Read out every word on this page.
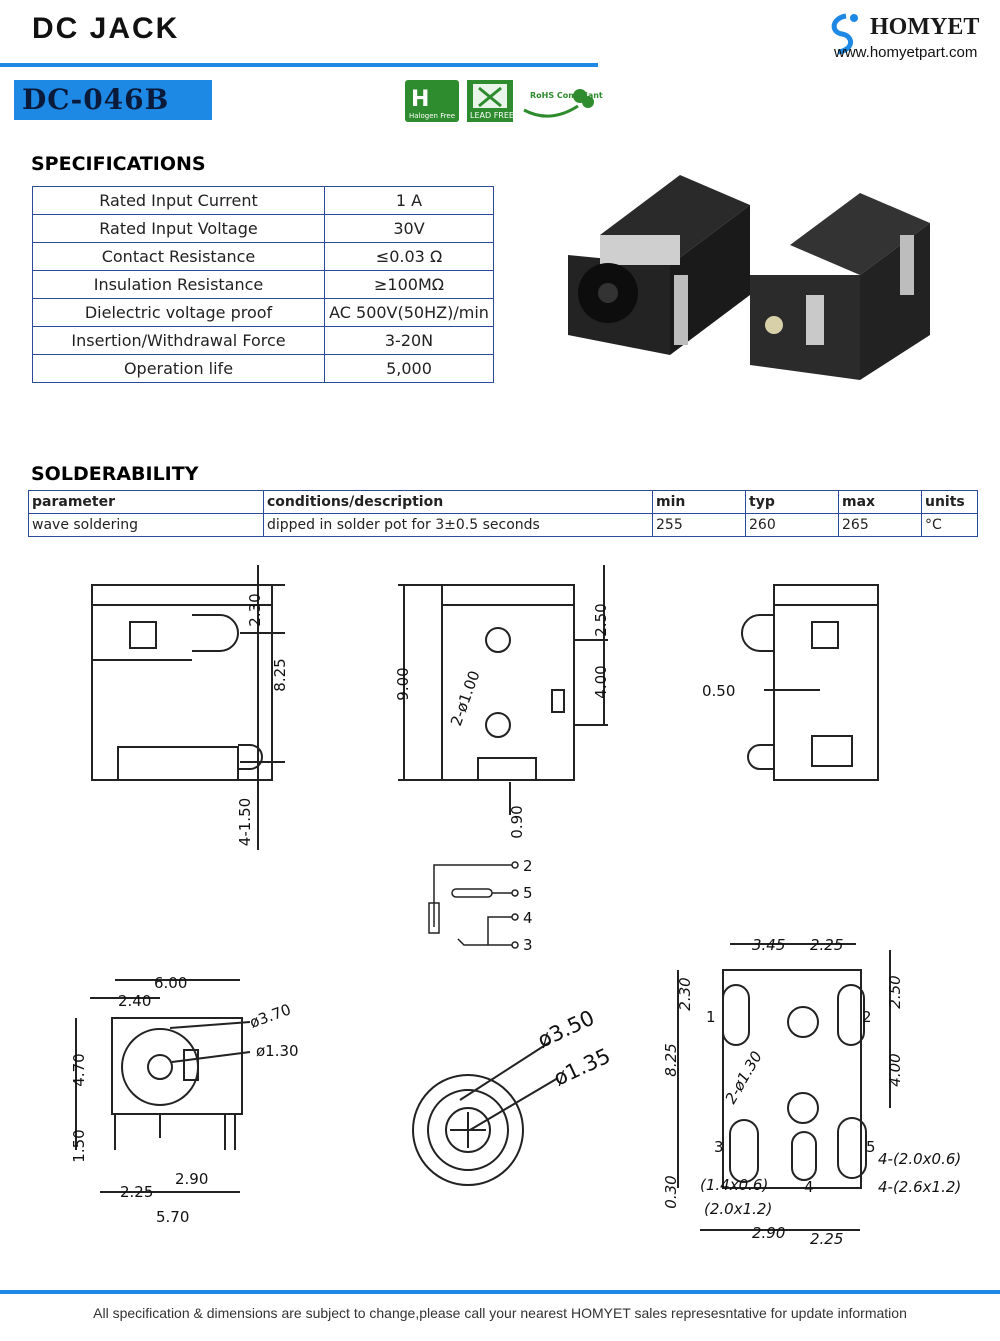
DC JACK	HOMYET
www.homyetpart.com
DC-046B	H
Halogen Free LEAD FREE
RoHS Compliant
SPECIFICATIONS
Rated Input Current	1 A
Rated Input Voltage	30V
Contact Resistance	≤0.03 Ω
Insulation Resistance	≥100MΩ
Dielectric voltage proof	AC 500V(50HZ)/min
Insertion/Withdrawal Force	3-20N
Operation life	5,000
SOLDERABILITY
parameter	conditions/description	min	typ	max	units
wave soldering	dipped in solder pot for 3±0.5 seconds	255	260	265	°C
2.30
8.25
4-1.50
2.50
9.00 2-ø1.00	4.00
0.90
0.50
2
5
4
3
6.00
2.40	ø3.70
ø1.30
4.70
1.50
2.25
2.90
5.70
ø3.50
ø1.35
3.45 2.25
2.30	2.50
8.25	2-ø1.30	4.00
0.30
4-(2.0x0.6)
4-(2.6x1.2)
(1.4x0.6)
(2.0x1.2)
2.90 2.25
2
1
3
4
5
All specification & dimensions are subject to change,please call your nearest HOMYET sales represesntative for update information
